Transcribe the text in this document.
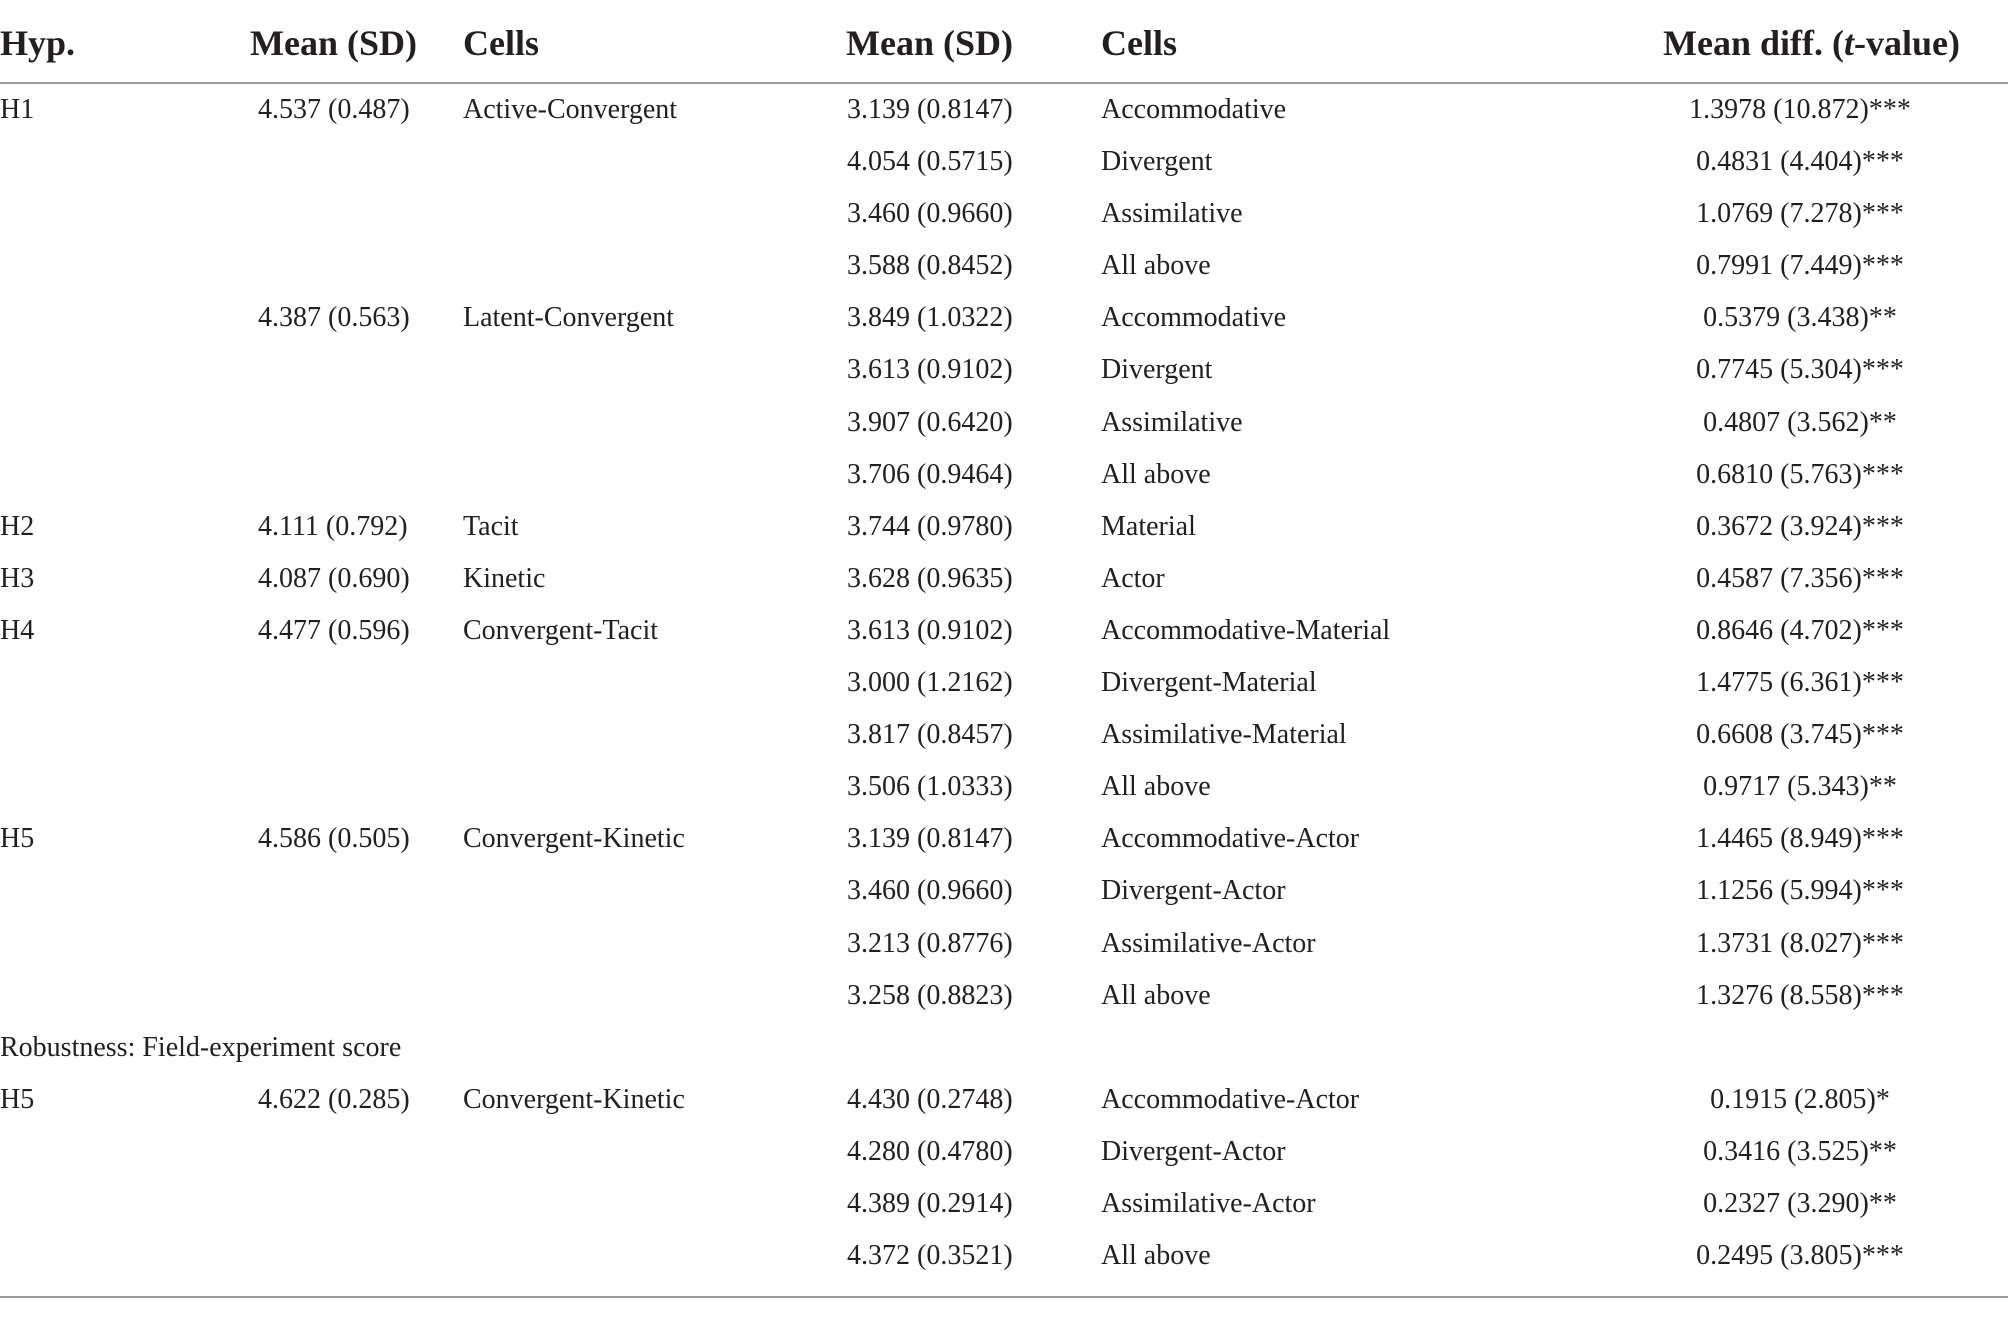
Hyp.	Mean (SD) Cells	Mean (SD) Cells	Mean diff. (t-value)
H1	4.537 (0.487) Active-Convergent	3.139 (0.8147)	Accommodative	1.3978 (10.872)***
4.054 (0.5715)	Divergent	0.4831 (4.404)***
3.460 (0.9660)	Assimilative	1.0769 (7.278)***
3.588 (0.8452)	All above	0.7991 (7.449)***
4.387 (0.563) Latent-Convergent	3.849 (1.0322)	Accommodative	0.5379 (3.438)**
3.613 (0.9102)	Divergent	0.7745 (5.304)***
3.907 (0.6420)	Assimilative	0.4807 (3.562)**
3.706 (0.9464)	All above	0.6810 (5.763)***
H2	4.111 (0.792) Tacit	3.744 (0.9780)	Material	0.3672 (3.924)***
H3	4.087 (0.690) Kinetic	3.628 (0.9635)	Actor	0.4587 (7.356)***
H4	4.477 (0.596) Convergent-Tacit	3.613 (0.9102)	Accommodative-Material	0.8646 (4.702)***
3.000 (1.2162)	Divergent-Material	1.4775 (6.361)***
3.817 (0.8457)	Assimilative-Material	0.6608 (3.745)***
3.506 (1.0333)	All above	0.9717 (5.343)**
H5	4.586 (0.505) Convergent-Kinetic	3.139 (0.8147)	Accommodative-Actor	1.4465 (8.949)***
3.460 (0.9660)	Divergent-Actor	1.1256 (5.994)***
3.213 (0.8776)	Assimilative-Actor	1.3731 (8.027)***
3.258 (0.8823)	All above	1.3276 (8.558)***
Robustness: Field-experiment score
H5	4.622 (0.285) Convergent-Kinetic	4.430 (0.2748)	Accommodative-Actor	0.1915 (2.805)*
4.280 (0.4780)	Divergent-Actor	0.3416 (3.525)**
4.389 (0.2914)	Assimilative-Actor	0.2327 (3.290)**
4.372 (0.3521)	All above	0.2495 (3.805)***
